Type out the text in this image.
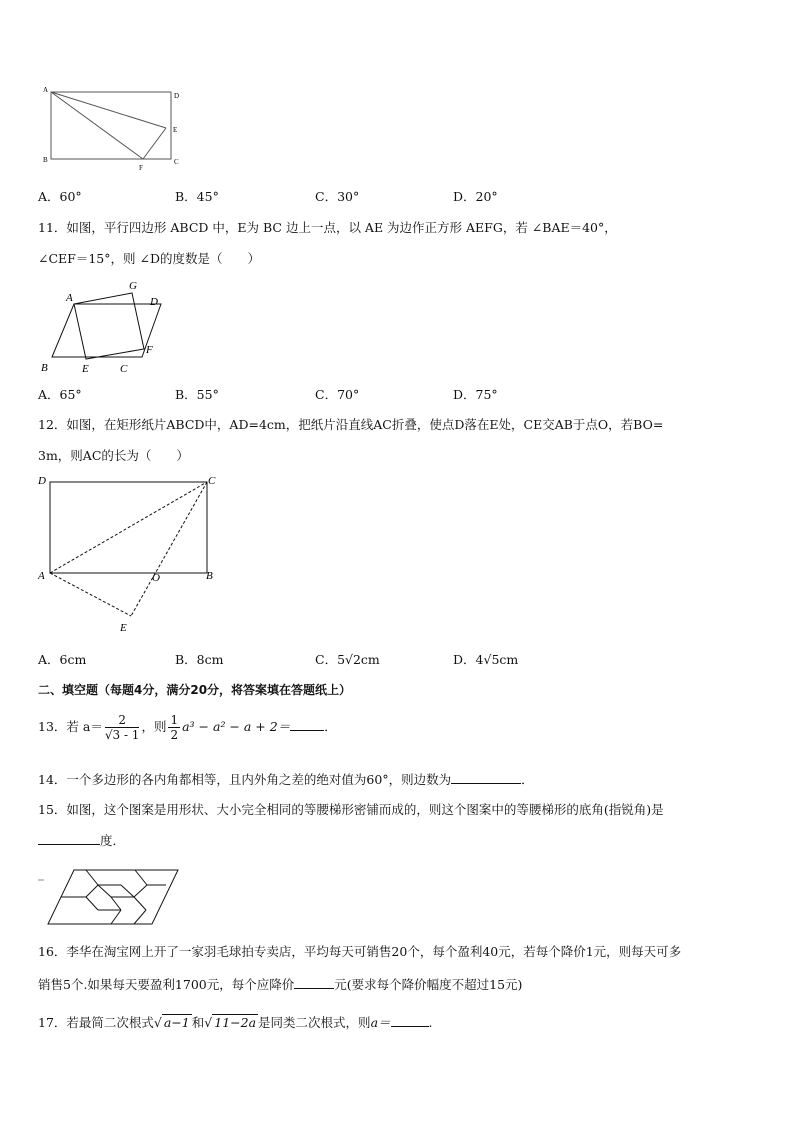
A
D
E
B
F
C
A．60°	B．45°	C．30°	D．20°
11．如图，平行四边形 ABCD 中，E为 BC 边上一点，以 AE 为边作正方形 AEFG，若 ∠BAE＝40°，
∠CEF＝15°，则 ∠D的度数是（　　）
A
G
D
B	E	C
F
A．65°	B．55°	C．70°	D．75°
12．如图，在矩形纸片ABCD中，AD=4cm，把纸片沿直线AC折叠，使点D落在E处，CE交AB于点O，若BO=
3m，则AC的长为（　　）
D	C
A	O	B
E
A．6cm	B．8cm	C．5√2cm	D．4√5cm
二、填空题（每题4分，满分20分，将答案填在答题纸上）
13．若 $a= \frac{2}{√3 - 1}$ ，则 $\frac{1}{2} a^3 - a^2 - a + 2=$	．
14．一个多边形的各内角都相等，且内外角之差的绝对值为60°，则边数为	．
15．如图，这个图案是用形状、大小完全相同的等腰梯形密铺而成的，则这个图案中的等腰梯形的底角(指锐角)是
度．
16．李华在淘宝网上开了一家羽毛球拍专卖店，平均每天可销售20个，每个盈利40元，若每个降价1元，则每天可多
销售5个.如果每天要盈利1700元，每个应降价	元(要求每个降价幅度不超过15元)
17．若最简二次根式√ a−1 和√ 11−2a 是同类二次根式，则a＝	.
